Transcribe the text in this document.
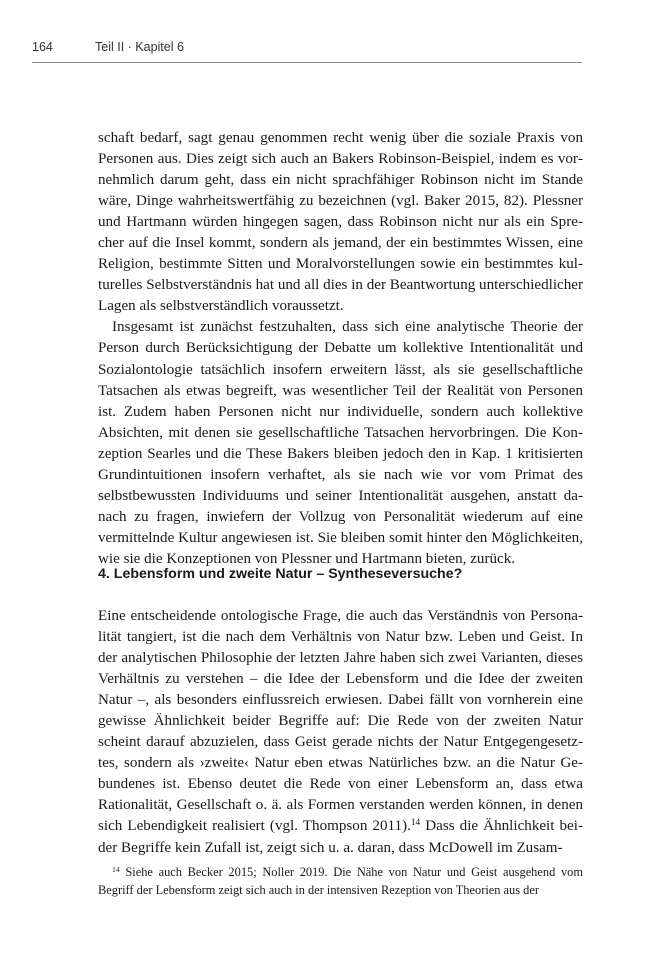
164	Teil II · Kapitel 6

schaft bedarf, sagt genau genommen recht wenig über die soziale Praxis von Personen aus. Dies zeigt sich auch an Bakers Robinson-Beispiel, indem es vornehmlich darum geht, dass ein nicht sprachfähiger Robinson nicht im Stande wäre, Dinge wahrheitswertfähig zu bezeichnen (vgl. Baker 2015, 82). Plessner und Hartmann würden hingegen sagen, dass Robinson nicht nur als ein Sprecher auf die Insel kommt, sondern als jemand, der ein bestimmtes Wissen, eine Religion, bestimmte Sitten und Moralvorstellungen sowie ein bestimmtes kulturelles Selbstverständnis hat und all dies in der Beantwortung unterschiedlicher Lagen als selbstverständlich voraussetzt.

Insgesamt ist zunächst festzuhalten, dass sich eine analytische Theorie der Person durch Berücksichtigung der Debatte um kollektive Intentionalität und Sozialontologie tatsächlich insofern erweitern lässt, als sie gesellschaftliche Tatsachen als etwas begreift, was wesentlicher Teil der Realität von Personen ist. Zudem haben Personen nicht nur individuelle, sondern auch kollektive Absichten, mit denen sie gesellschaftliche Tatsachen hervorbringen. Die Konzeption Searles und die These Bakers bleiben jedoch den in Kap. 1 kritisierten Grundintuitionen insofern verhaftet, als sie nach wie vor vom Primat des selbstbewussten Individuums und seiner Intentionalität ausgehen, anstatt danach zu fragen, inwiefern der Vollzug von Personalität wiederum auf eine vermittelnde Kultur angewiesen ist. Sie bleiben somit hinter den Möglichkeiten, wie sie die Konzeptionen von Plessner und Hartmann bieten, zurück.

4. Lebensform und zweite Natur – Syntheseversuche?

Eine entscheidende ontologische Frage, die auch das Verständnis von Personalität tangiert, ist die nach dem Verhältnis von Natur bzw. Leben und Geist. In der analytischen Philosophie der letzten Jahre haben sich zwei Varianten, dieses Verhältnis zu verstehen – die Idee der Lebensform und die Idee der zweiten Natur –, als besonders einflussreich erwiesen. Dabei fällt von vornherein eine gewisse Ähnlichkeit beider Begriffe auf: Die Rede von der zweiten Natur scheint darauf abzuzielen, dass Geist gerade nichts der Natur Entgegengesetztes, sondern als ›zweite‹ Natur eben etwas Natürliches bzw. an die Natur Gebundenes ist. Ebenso deutet die Rede von einer Lebensform an, dass etwa Rationalität, Gesellschaft o. ä. als Formen verstanden werden können, in denen sich Lebendigkeit realisiert (vgl. Thompson 2011).$^{14}$ Dass die Ähnlichkeit beider Begriffe kein Zufall ist, zeigt sich u. a. daran, dass McDowell im Zusam-

$^{14}$ Siehe auch Becker 2015; Noller 2019. Die Nähe von Natur und Geist ausgehend vom Begriff der Lebensform zeigt sich auch in der intensiven Rezeption von Theorien aus der
